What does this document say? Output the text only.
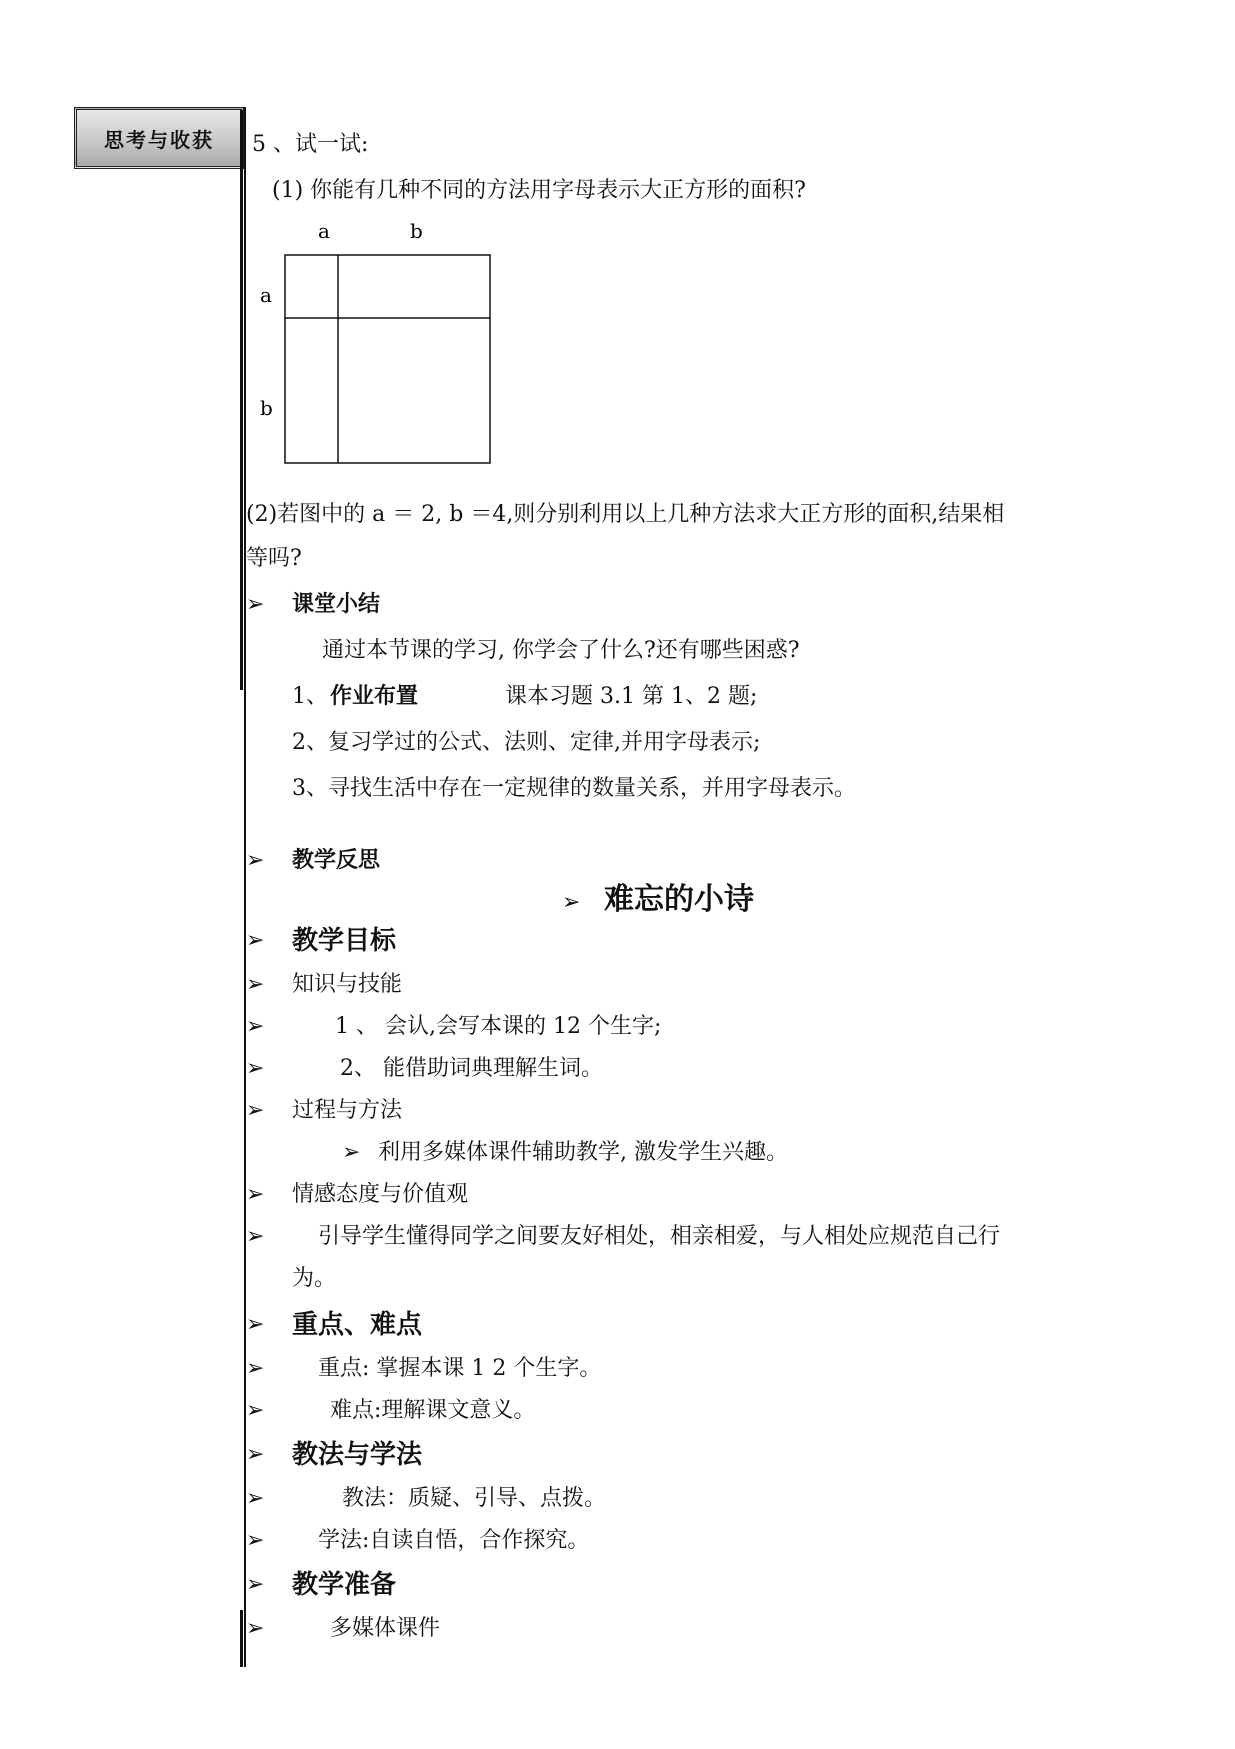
思考与收获 5 、试一试:
(1) 你能有几种不同的方法用字母表示大正方形的面积?
a	b
a
b
(2)若图中的 a ＝ 2, b ＝4,则分别利用以上几种方法求大正方形的面积,结果相
等吗?
➢ 课堂小结
通过本节课的学习, 你学会了什么?还有哪些困惑?
1、 作业布置	课本习题 3.1 第 1、2 题;
2、复习学过的公式、法则、定律,并用字母表示;
3、寻找生活中存在一定规律的数量关系，并用字母表示。
➢ 教学反思
➢ 难忘的小诗
➢ 教学目标
➢ 知识与技能
➢	1 、 会认,会写本课的 12 个生字;
➢	2、 能借助词典理解生词。
➢ 过程与方法
➢ 利用多媒体课件辅助教学, 激发学生兴趣。
➢ 情感态度与价值观
➢ 引导学生懂得同学之间要友好相处，相亲相爱，与人相处应规范自己行
为。
➢ 重点、难点
➢ 重点: 掌握本课 1 2 个生字。
➢	难点:理解课文意义。
➢ 教法与学法
➢	教法：质疑、引导、点拨。
➢ 学法:自读自悟，合作探究。
➢ 教学准备
➢	多媒体课件
